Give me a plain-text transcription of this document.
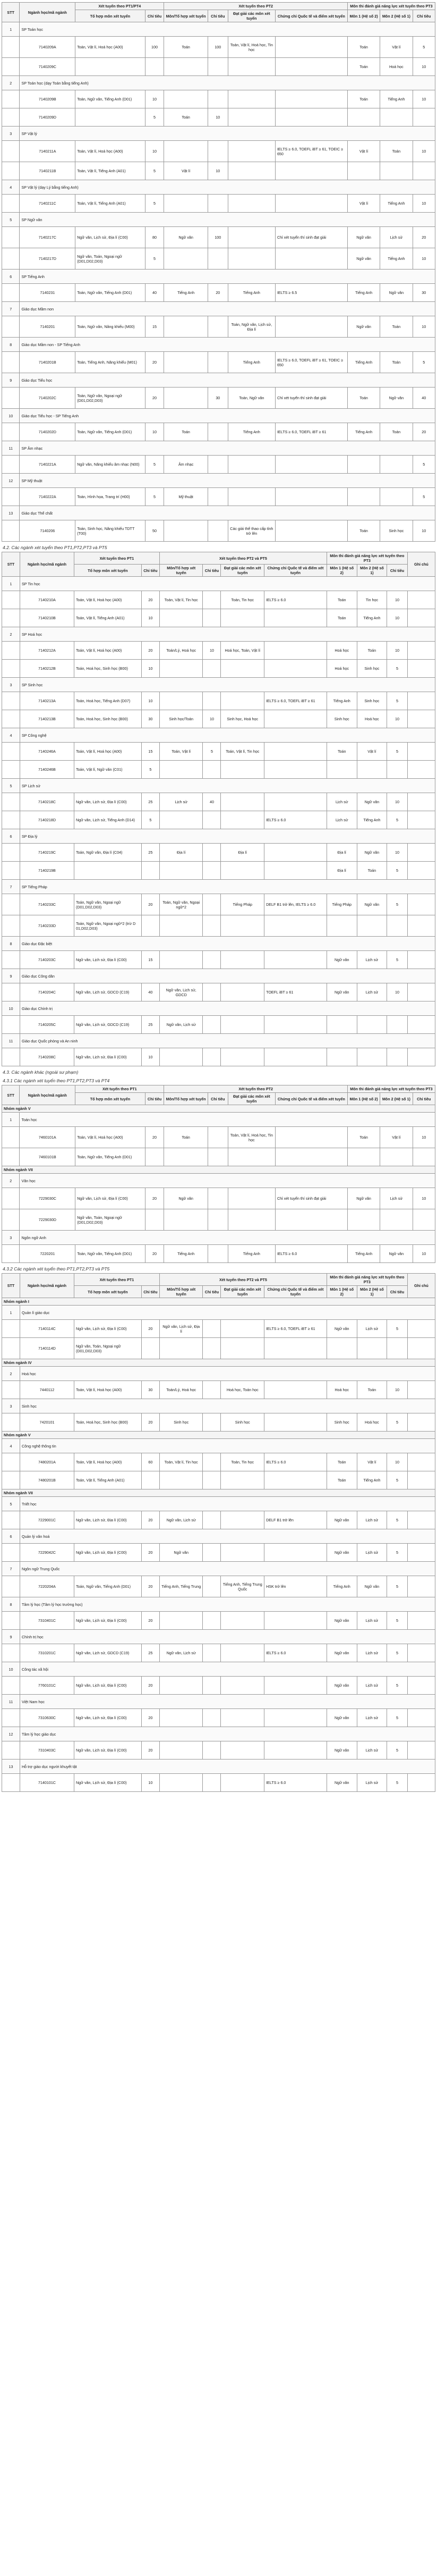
STT	Ngành học/mã ngành	Xét tuyển theo PT1/PT4		Xét tuyển theo PT2				Môn thi đánh giá năng lực xét tuyển theo PT3		
		Tổ hợp môn xét tuyển	Chỉ tiêu	Môn/Tổ hợp xét tuyển	Chỉ tiêu	Đạt giải các môn xét tuyển	Chứng chỉ Quốc tế và điểm xét tuyển	Môn 1 (Hệ số 2)	Môn 2 (Hệ số 1)	Chỉ tiêu
1	SP Toán học									
	7140209A	Toán, Vật lí, Hoá học (A00)	100	Toán	100	Toán, Vật lí, Hoá học, Tin học		Toán	Vật lí	5
	7140209C							Toán	Hoá học	10
2	SP Toán học (dạy Toán bằng tiếng Anh)									
	7140209B	Toán, Ngữ văn, Tiếng Anh (D01)	10					Toán	Tiếng Anh	10
	7140209D		5	Toán	10					
3	SP Vật lý									
	7140211A	Toán, Vật lí, Hoá học (A00)	10				IELTS ≥ 6.0, TOEFL iBT ≥ 61, TOEIC ≥ 650	Vật lí	Toán	10
	7140211B	Toán, Vật lí, Tiếng Anh (A01)	5	Vật lí	10					
4	SP Vật lý (dạy Lý bằng tiếng Anh)									
	7140211C	Toán, Vật lí, Tiếng Anh (A01)	5					Vật lí	Tiếng Anh	10
5	SP Ngữ văn									
	7140217C	Ngữ văn, Lịch sử, Địa lí (C00)	80	Ngữ văn	100		Chỉ xét tuyển thí sinh đạt giải	Ngữ văn	Lịch sử	20
	7140217D	Ngữ văn, Toán, Ngoại ngữ (D01,D02,D03)	5					Ngữ văn	Tiếng Anh	10
6	SP Tiếng Anh									
	7140231	Toán, Ngữ văn, Tiếng Anh (D01)	40	Tiếng Anh	20	Tiếng Anh	IELTS ≥ 6.5	Tiếng Anh	Ngữ văn	30
7	Giáo dục Mầm non									
	7140201	Toán, Ngữ văn, Năng khiếu (M00)	15			Toán, Ngữ văn, Lịch sử, Địa lí		Ngữ văn	Toán	10
8	Giáo dục Mầm non - SP Tiếng Anh									
	7140201B	Toán, Tiếng Anh, Năng khiếu (M01)	20			Tiếng Anh	IELTS ≥ 6.0, TOEFL iBT ≥ 61, TOEIC ≥ 650	Tiếng Anh	Toán	5
9	Giáo dục Tiểu học									
	7140202C	Toán, Ngữ văn, Ngoại ngữ (D01,D02,D03)	20		30	Toán, Ngữ văn	Chỉ xét tuyển thí sinh đạt giải	Toán	Ngữ văn	40
10	Giáo dục Tiểu học - SP Tiếng Anh									
	7140202D	Toán, Ngữ văn, Tiếng Anh (D01)	10	Toán		Tiếng Anh	IELTS ≥ 6.0, TOEFL iBT ≥ 61	Tiếng Anh	Toán	20
11	SP Âm nhạc									
	7140221A	Ngữ văn, Năng khiếu âm nhạc (N00)	5	Âm nhạc						5
12	SP Mỹ thuật									
	7140222A	Toán, Hình họa, Trang trí (H00)	5	Mỹ thuật						5
13	Giáo dục Thể chất									
	7140206	Toán, Sinh học, Năng khiếu TDTT (T00)	50			Các giải thể thao cấp tỉnh trở lên		Toán	Sinh học	10
4.2. Các ngành xét tuyển theo PT1,PT2,PT3 và PT5
STT	Ngành học/mã ngành	Xét tuyển theo PT1		Xét tuyển theo PT2 và PT5				Môn thi đánh giá năng lực xét tuyển theo PT3			Ghi chú
		Tổ hợp môn xét tuyển	Chỉ tiêu	Môn/Tổ hợp xét tuyển	Chỉ tiêu	Đạt giải các môn xét tuyển	Chứng chỉ Quốc tế và điểm xét tuyển	Môn 1 (Hệ số 2)	Môn 2 (Hệ số 1)	Chỉ tiêu	
1	SP Tin học										
	7140210A	Toán, Vật lí, Hoá học (A00)	20	Toán, Vật lí, Tin học		Toán, Tin học	IELTS ≥ 6.0	Toán	Tin học	10	
	7140210B	Toán, Vật lí, Tiếng Anh (A01)	10					Toán	Tiếng Anh	10	
2	SP Hoá học										
	7140212A	Toán, Vật lí, Hoá học (A00)	20	Toán/Lý, Hoá học	10	Hoá học, Toán, Vật lí		Hoá học	Toán	10	
	7140212B	Toán, Hoá học, Sinh học (B00)	10					Hoá học	Sinh học	5	
3	SP Sinh học										
	7140213A	Toán, Hoá học, Tiếng Anh (D07)	10				IELTS ≥ 6.0, TOEFL iBT ≥ 61	Tiếng Anh	Sinh học	5	
	7140213B	Toán, Hoá học, Sinh học (B00)	30	Sinh học/Toán	10	Sinh học, Hoá học		Sinh học	Hoá học	10	
4	SP Công nghệ										
	7140246A	Toán, Vật lí, Hoá học (A00)	15	Toán, Vật lí	5	Toán, Vật lí, Tin học		Toán	Vật lí	5	
	7140246B	Toán, Vật lí, Ngữ văn (C01)	5								
5	SP Lịch sử										
	7140218C	Ngữ văn, Lịch sử, Địa lí (C00)	25	Lịch sử	40			Lịch sử	Ngữ văn	10	
	7140218D	Ngữ văn, Lịch sử, Tiếng Anh (D14)	5				IELTS ≥ 6.0	Lịch sử	Tiếng Anh	5	
6	SP Địa lý										
	7140219C	Toán, Ngữ văn, Địa lí (C04)	25	Địa lí		Địa lí		Địa lí	Ngữ văn	10	
	7140219B							Địa lí	Toán	5	
7	SP Tiếng Pháp										
	7140233C	Toán, Ngữ văn, Ngoại ngữ (D01,D02,D03)	20	Toán, Ngữ văn, Ngoại ngữ*2		Tiếng Pháp	DELF B1 trở lên, IELTS ≥ 6.0	Tiếng Pháp	Ngữ văn	5	
	7140233D	Toán, Ngữ văn, Ngoại ngữ*2 (trừ D 01,D02,D03)									
8	Giáo dục Đặc biệt										
	7140203C	Ngữ văn, Lịch sử, Địa lí (C00)	15					Ngữ văn	Lịch sử	5	
9	Giáo dục Công dân										
	7140204C	Ngữ văn, Lịch sử, GDCD (C19)	40	Ngữ văn, Lịch sử, GDCD			TOEFL iBT ≥ 61	Ngữ văn	Lịch sử	10	
10	Giáo dục Chính trị										
	7140205C	Ngữ văn, Lịch sử, GDCD (C19)	25	Ngữ văn, Lịch sử							
11	Giáo dục Quốc phòng và An ninh										
	7140208C	Ngữ văn, Lịch sử, Địa lí (C00)	10								
4.3. Các ngành khác (ngoài sư phạm)
4.3.1 Các ngành xét tuyển theo PT1,PT2,PT3 và PT4
STT	Ngành học/mã ngành	Xét tuyển theo PT1		Xét tuyển theo PT2				Môn thi đánh giá năng lực xét tuyển theo PT3		
		Tổ hợp môn xét tuyển	Chỉ tiêu	Môn/Tổ hợp xét tuyển	Chỉ tiêu	Đạt giải các môn xét tuyển	Chứng chỉ Quốc tế và điểm xét tuyển	Môn 1 (Hệ số 2)	Môn 2 (Hệ số 1)	Chỉ tiêu
Nhóm ngành V										
1	Toán học									
	7460101A	Toán, Vật lí, Hoá học (A00)	20	Toán		Toán, Vật lí, Hoá học, Tin học		Toán	Vật lí	10
	7460101B	Toán, Ngữ văn, Tiếng Anh (D01)								
Nhóm ngành VII										
2	Văn học									
	7229030C	Ngữ văn, Lịch sử, Địa lí (C00)	20	Ngữ văn			Chỉ xét tuyển thí sinh đạt giải	Ngữ văn	Lịch sử	10
	7229030D	Ngữ văn, Toán, Ngoại ngữ (D01,D02,D03)								
3	Ngôn ngữ Anh									
	7220201	Toán, Ngữ văn, Tiếng Anh (D01)	20	Tiếng Anh		Tiếng Anh	IELTS ≥ 6.0	Tiếng Anh	Ngữ văn	10
4.3.2 Các ngành xét tuyển theo PT1,PT2,PT3 và PT5
STT	Ngành học/mã ngành	Xét tuyển theo PT1		Xét tuyển theo PT2 và PT5				Môn thi đánh giá năng lực xét tuyển theo PT3			Ghi chú
		Tổ hợp môn xét tuyển	Chỉ tiêu	Môn/Tổ hợp xét tuyển	Chỉ tiêu	Đạt giải các môn xét tuyển	Chứng chỉ Quốc tế và điểm xét tuyển	Môn 1 (Hệ số 2)	Môn 2 (Hệ số 1)	Chỉ tiêu	
Nhóm ngành I											
1	Quản lí giáo dục										
	7140114C	Ngữ văn, Lịch sử, Địa lí (C00)	20	Ngữ văn, Lịch sử, Địa lí			IELTS ≥ 6.0, TOEFL iBT ≥ 61	Ngữ văn	Lịch sử	5	
	7140114D	Ngữ văn, Toán, Ngoại ngữ (D01,D02,D03)									
Nhóm ngành IV											
2	Hoá học										
	7440112	Toán, Vật lí, Hoá học (A00)	30	Toán/Lý, Hoá học		Hoá học, Toán học		Hoá học	Toán	10	
3	Sinh học										
	7420101	Toán, Hoá học, Sinh học (B00)	20	Sinh học		Sinh học		Sinh học	Hoá học	5	
Nhóm ngành V											
4	Công nghệ thông tin										
	7480201A	Toán, Vật lí, Hoá học (A00)	60	Toán, Vật lí, Tin học		Toán, Tin học	IELTS ≥ 6.0	Toán	Vật lí	10	
	7480201B	Toán, Vật lí, Tiếng Anh (A01)						Toán	Tiếng Anh	5	
Nhóm ngành VII											
5	Triết học										
	7229001C	Ngữ văn, Lịch sử, Địa lí (C00)	20	Ngữ văn, Lịch sử			DELF B1 trở lên	Ngữ văn	Lịch sử	5	
6	Quản lý văn hoá										
	7229042C	Ngữ văn, Lịch sử, Địa lí (C00)	20	Ngữ văn				Ngữ văn	Lịch sử	5	
7	Ngôn ngữ Trung Quốc										
	7220204A	Toán, Ngữ văn, Tiếng Anh (D01)	20	Tiếng Anh, Tiếng Trung		Tiếng Anh, Tiếng Trung Quốc	HSK trở lên	Tiếng Anh	Ngữ văn	5	
8	Tâm lý học (Tâm lý học trường học)										
	7310401C	Ngữ văn, Lịch sử, Địa lí (C00)	20					Ngữ văn	Lịch sử	5	
9	Chính trị học										
	7310201C	Ngữ văn, Lịch sử, GDCD (C19)	25	Ngữ văn, Lịch sử			IELTS ≥ 6.0	Ngữ văn	Lịch sử	5	
10	Công tác xã hội										
	7760101C	Ngữ văn, Lịch sử, Địa lí (C00)	20					Ngữ văn	Lịch sử	5	
11	Việt Nam học										
	7310630C	Ngữ văn, Lịch sử, Địa lí (C00)	20					Ngữ văn	Lịch sử	5	
12	Tâm lý học giáo dục										
	7310403C	Ngữ văn, Lịch sử, Địa lí (C00)	20					Ngữ văn	Lịch sử	5	
13	Hỗ trợ giáo dục người khuyết tật										
	7140101C	Ngữ văn, Lịch sử, Địa lí (C00)	10				IELTS ≥ 6.0	Ngữ văn	Lịch sử	5	
